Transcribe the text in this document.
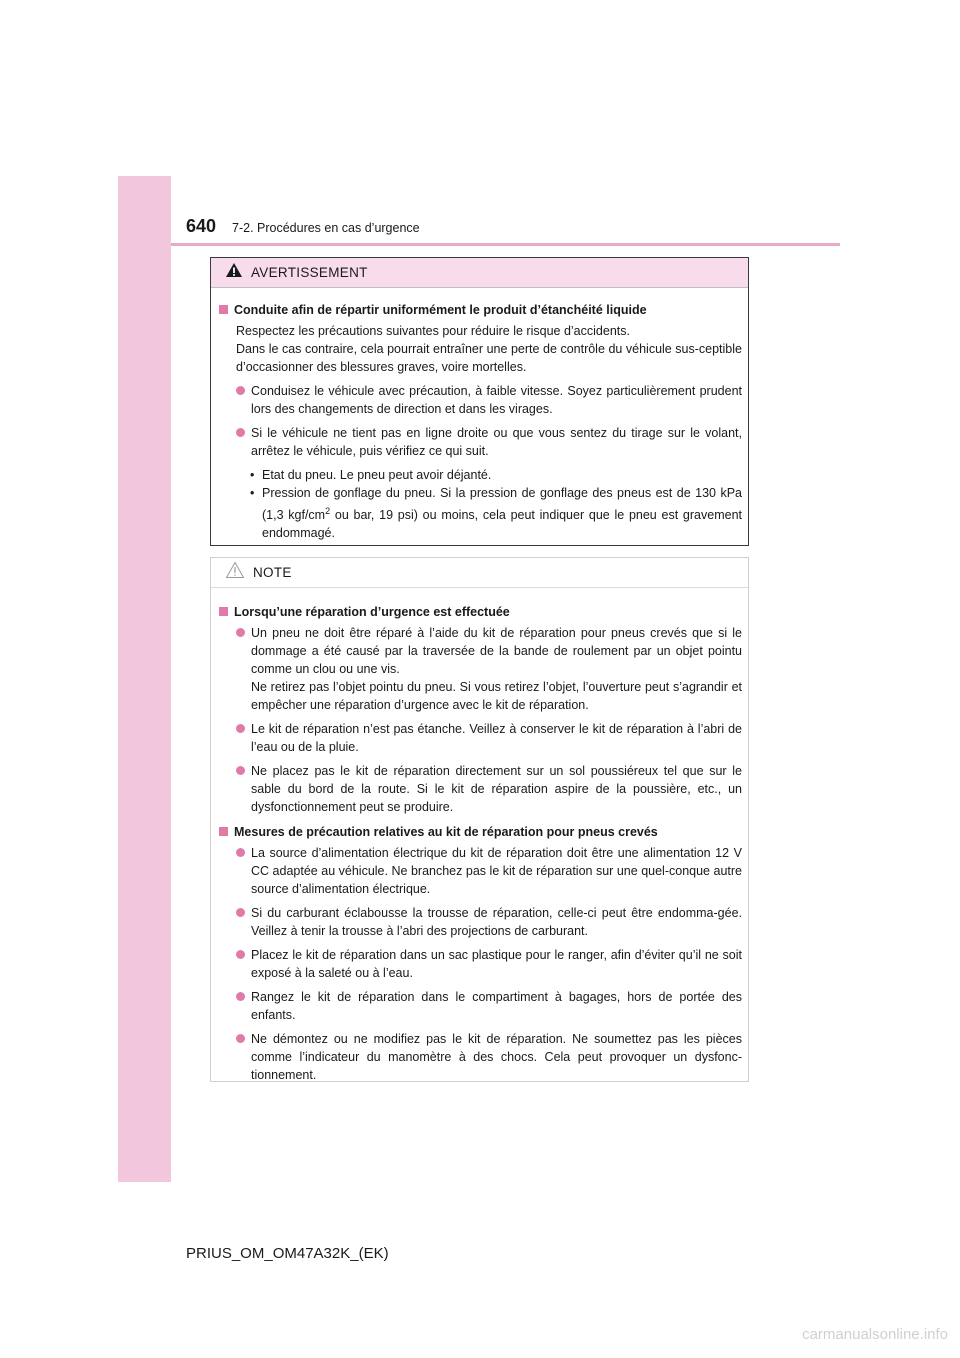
640 7-2. Procédures en cas d’urgence
AVERTISSEMENT
Conduite afin de répartir uniformément le produit d’étanchéité liquide
Respectez les précautions suivantes pour réduire le risque d’accidents.
Dans le cas contraire, cela pourrait entraîner une perte de contrôle du véhicule sus-ceptible d’occasionner des blessures graves, voire mortelles.
Conduisez le véhicule avec précaution, à faible vitesse. Soyez particulièrement prudent lors des changements de direction et dans les virages.
Si le véhicule ne tient pas en ligne droite ou que vous sentez du tirage sur le volant, arrêtez le véhicule, puis vérifiez ce qui suit.
• Etat du pneu. Le pneu peut avoir déjanté.
• Pression de gonflage du pneu. Si la pression de gonflage des pneus est de 130 kPa (1,3 kgf/$cm^2$ ou bar, 19 psi) ou moins, cela peut indiquer que le pneu est gravement endommagé.
NOTE
Lorsqu’une réparation d’urgence est effectuée
Un pneu ne doit être réparé à l’aide du kit de réparation pour pneus crevés que si le dommage a été causé par la traversée de la bande de roulement par un objet pointu comme un clou ou une vis.
Ne retirez pas l’objet pointu du pneu. Si vous retirez l’objet, l’ouverture peut s’agrandir et empêcher une réparation d’urgence avec le kit de réparation.
Le kit de réparation n’est pas étanche. Veillez à conserver le kit de réparation à l’abri de l’eau ou de la pluie.
Ne placez pas le kit de réparation directement sur un sol poussiéreux tel que sur le sable du bord de la route. Si le kit de réparation aspire de la poussière, etc., un dysfonctionnement peut se produire.
Mesures de précaution relatives au kit de réparation pour pneus crevés
La source d’alimentation électrique du kit de réparation doit être une alimentation 12 V CC adaptée au véhicule. Ne branchez pas le kit de réparation sur une quel-conque autre source d’alimentation électrique.
Si du carburant éclabousse la trousse de réparation, celle-ci peut être endomma-gée. Veillez à tenir la trousse à l’abri des projections de carburant.
Placez le kit de réparation dans un sac plastique pour le ranger, afin d’éviter qu’il ne soit exposé à la saleté ou à l’eau.
Rangez le kit de réparation dans le compartiment à bagages, hors de portée des enfants.
Ne démontez ou ne modifiez pas le kit de réparation. Ne soumettez pas les pièces comme l’indicateur du manomètre à des chocs. Cela peut provoquer un dysfonc-tionnement.
PRIUS_OM_OM47A32K_(EK)
carmanualsonline.info
